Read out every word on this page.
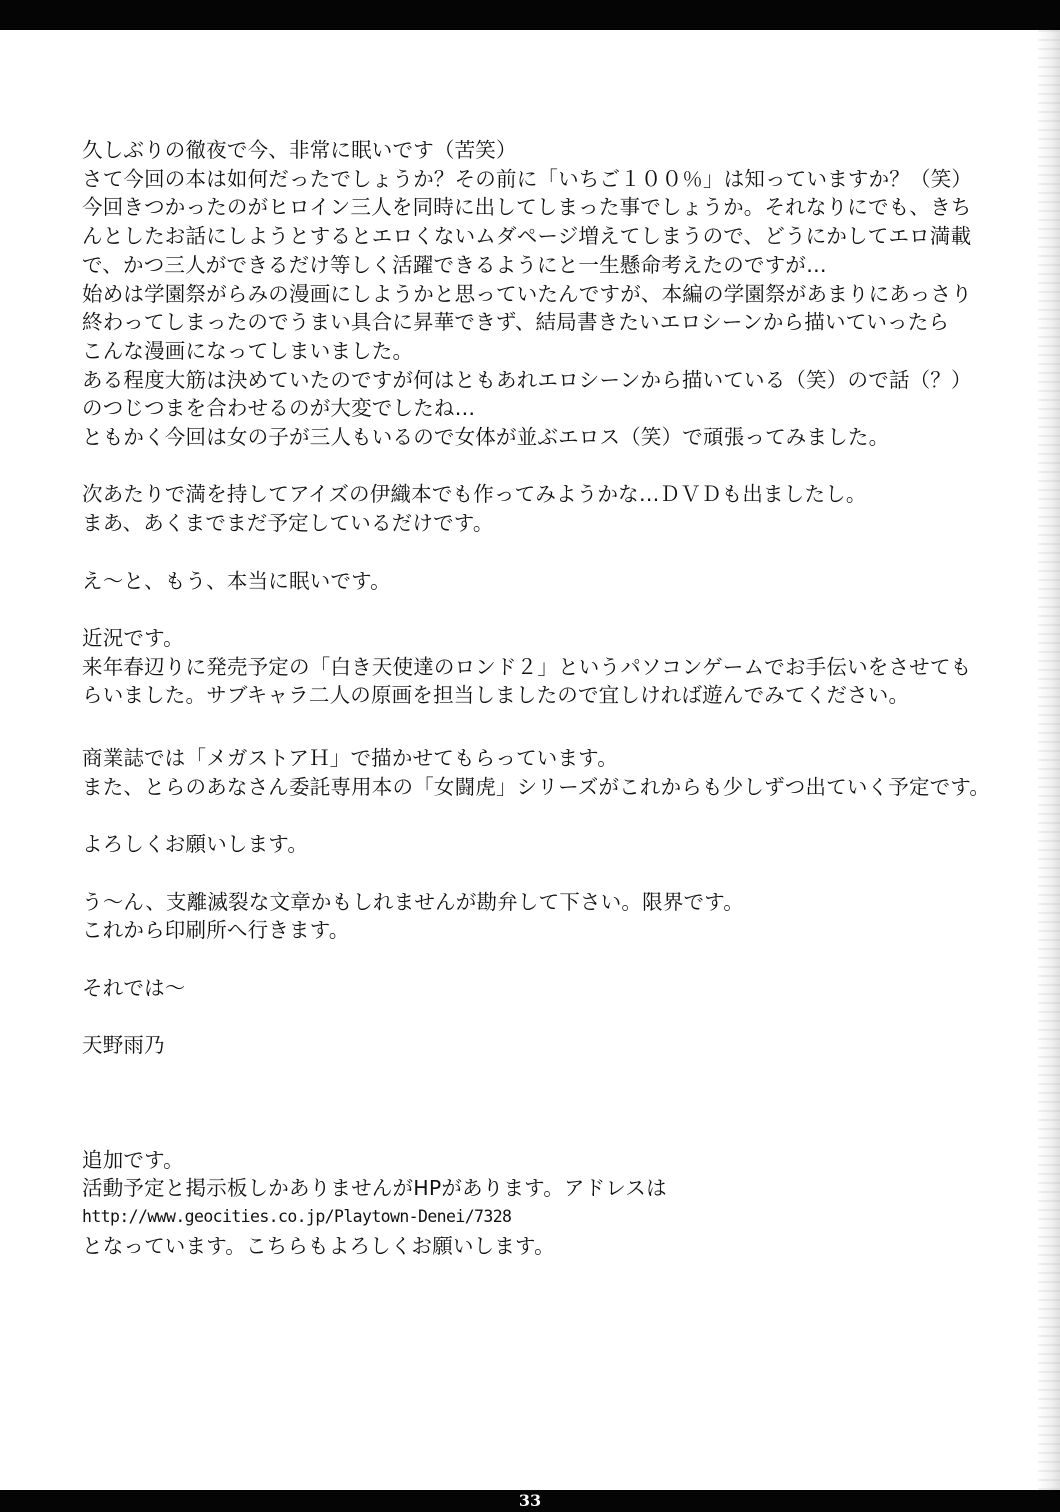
久しぶりの徹夜で今、非常に眠いです（苦笑）

さて今回の本は如何だったでしょうか？その前に「いちご１００％」は知っていますか？（笑）

今回きつかったのがヒロイン三人を同時に出してしまった事でしょうか。それなりにでも、きち

んとしたお話にしようとするとエロくないムダページ増えてしまうので、どうにかしてエロ満載

で、かつ三人ができるだけ等しく活躍できるようにと一生懸命考えたのですが…

始めは学園祭がらみの漫画にしようかと思っていたんですが、本編の学園祭があまりにあっさり

終わってしまったのでうまい具合に昇華できず、結局書きたいエロシーンから描いていったら

こんな漫画になってしまいました。

ある程度大筋は決めていたのですが何はともあれエロシーンから描いている（笑）ので話（？）

のつじつまを合わせるのが大変でしたね…

ともかく今回は女の子が三人もいるので女体が並ぶエロス（笑）で頑張ってみました。

次あたりで満を持してアイズの伊織本でも作ってみようかな…ＤＶＤも出ましたし。

まあ、あくまでまだ予定しているだけです。

え〜と、もう、本当に眠いです。

近況です。

来年春辺りに発売予定の「白き天使達のロンド２」というパソコンゲームでお手伝いをさせても

らいました。サブキャラ二人の原画を担当しましたので宜しければ遊んでみてください。

商業誌では「メガストアＨ」で描かせてもらっています。

また、とらのあなさん委託専用本の「女闘虎」シリーズがこれからも少しずつ出ていく予定です。

よろしくお願いします。

う〜ん、支離滅裂な文章かもしれませんが勘弁して下さい。限界です。

これから印刷所へ行きます。

それでは〜

天野雨乃

追加です。

活動予定と掲示板しかありませんがHPがあります。アドレスは

http://www.geocities.co.jp/Playtown-Denei/7328

となっています。こちらもよろしくお願いします。

33
